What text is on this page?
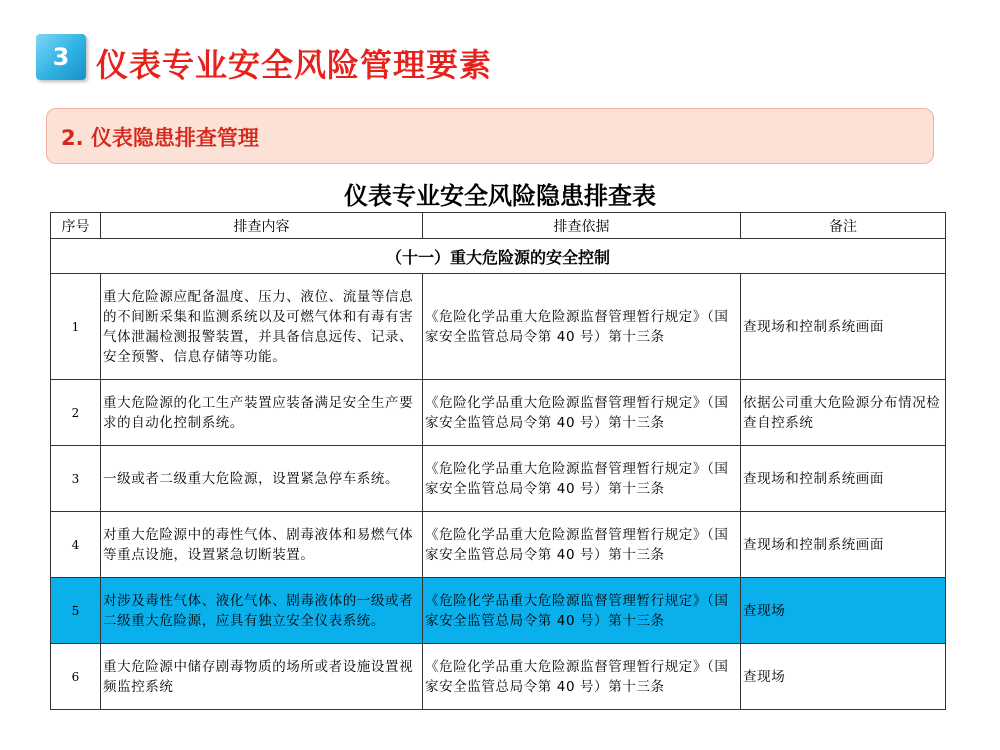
3 仪表专业安全风险管理要素
2. 仪表隐患排查管理
仪表专业安全风险隐患排查表
序号	排查内容	排查依据	备注
（十一）重大危险源的安全控制			
1	重大危险源应配备温度、压力、液位、流量等信息的不间断采集和监测系统以及可燃气体和有毒有害气体泄漏检测报警装置，并具备信息远传、记录、安全预警、信息存储等功能。	《危险化学品重大危险源监督管理暂行规定》（国家安全监管总局令第 40 号）第十三条	查现场和控制系统画面
2	重大危险源的化工生产装置应装备满足安全生产要求的自动化控制系统。	《危险化学品重大危险源监督管理暂行规定》（国家安全监管总局令第 40 号）第十三条	依据公司重大危险源分布情况检查自控系统
3	一级或者二级重大危险源，设置紧急停车系统。	《危险化学品重大危险源监督管理暂行规定》（国家安全监管总局令第 40 号）第十三条	查现场和控制系统画面
4	对重大危险源中的毒性气体、剧毒液体和易燃气体等重点设施，设置紧急切断装置。	《危险化学品重大危险源监督管理暂行规定》（国家安全监管总局令第 40 号）第十三条	查现场和控制系统画面
5	对涉及毒性气体、液化气体、剧毒液体的一级或者二级重大危险源，应具有独立安全仪表系统。	《危险化学品重大危险源监督管理暂行规定》（国家安全监管总局令第 40 号）第十三条	查现场
6	重大危险源中储存剧毒物质的场所或者设施设置视频监控系统	《危险化学品重大危险源监督管理暂行规定》（国家安全监管总局令第 40 号）第十三条	查现场
